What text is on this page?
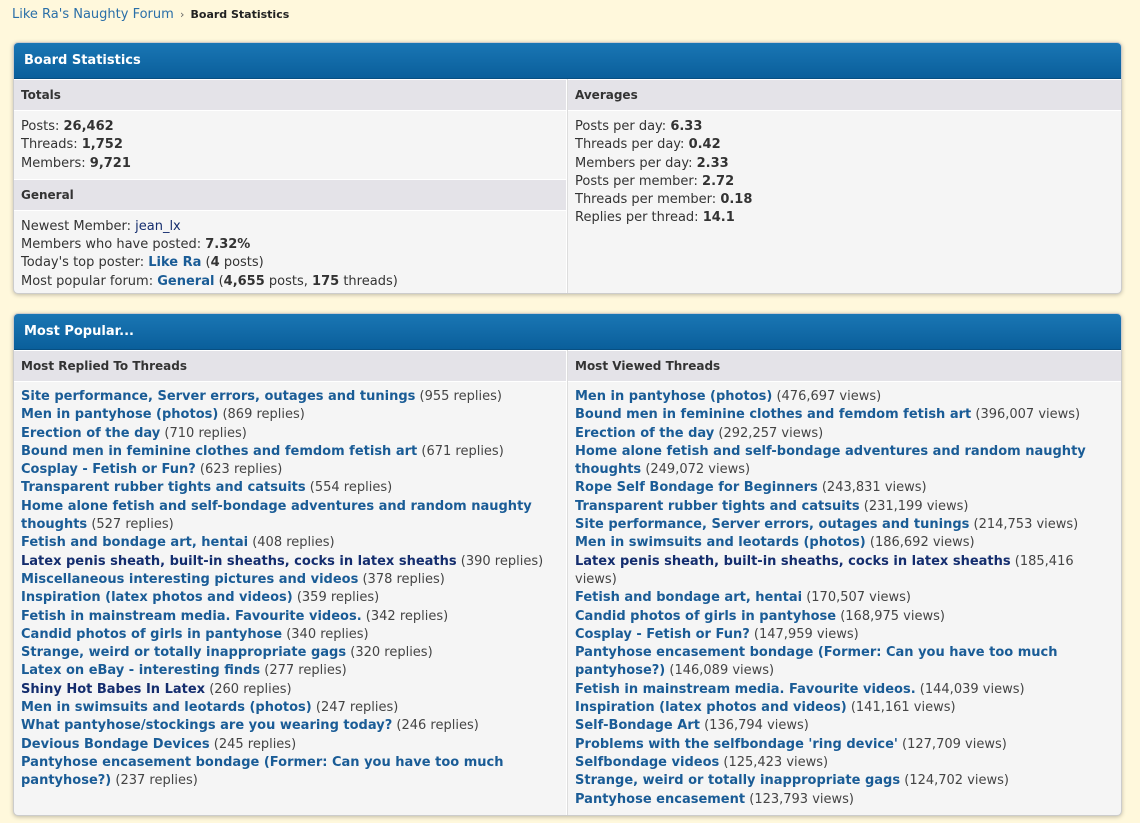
Like Ra's Naughty Forum › Board Statistics
Board Statistics
Totals
Posts: 26,462
Threads: 1,752
Members: 9,721
General
Newest Member: jean_lx
Members who have posted: 7.32%
Today's top poster: Like Ra (4 posts)
Most popular forum: General (4,655 posts, 175 threads)
Averages
Posts per day: 6.33
Threads per day: 0.42
Members per day: 2.33
Posts per member: 2.72
Threads per member: 0.18
Replies per thread: 14.1
Most Popular...
Most Replied To Threads
Site performance, Server errors, outages and tunings (955 replies)
Men in pantyhose (photos) (869 replies)
Erection of the day (710 replies)
Bound men in feminine clothes and femdom fetish art (671 replies)
Cosplay - Fetish or Fun? (623 replies)
Transparent rubber tights and catsuits (554 replies)
Home alone fetish and self-bondage adventures and random naughty thoughts (527 replies)
Fetish and bondage art, hentai (408 replies)
Latex penis sheath, built-in sheaths, cocks in latex sheaths (390 replies)
Miscellaneous interesting pictures and videos (378 replies)
Inspiration (latex photos and videos) (359 replies)
Fetish in mainstream media. Favourite videos. (342 replies)
Candid photos of girls in pantyhose (340 replies)
Strange, weird or totally inappropriate gags (320 replies)
Latex on eBay - interesting finds (277 replies)
Shiny Hot Babes In Latex (260 replies)
Men in swimsuits and leotards (photos) (247 replies)
What pantyhose/stockings are you wearing today? (246 replies)
Devious Bondage Devices (245 replies)
Pantyhose encasement bondage (Former: Can you have too much pantyhose?) (237 replies)
Most Viewed Threads
Men in pantyhose (photos) (476,697 views)
Bound men in feminine clothes and femdom fetish art (396,007 views)
Erection of the day (292,257 views)
Home alone fetish and self-bondage adventures and random naughty thoughts (249,072 views)
Rope Self Bondage for Beginners (243,831 views)
Transparent rubber tights and catsuits (231,199 views)
Site performance, Server errors, outages and tunings (214,753 views)
Men in swimsuits and leotards (photos) (186,692 views)
Latex penis sheath, built-in sheaths, cocks in latex sheaths (185,416 views)
Fetish and bondage art, hentai (170,507 views)
Candid photos of girls in pantyhose (168,975 views)
Cosplay - Fetish or Fun? (147,959 views)
Pantyhose encasement bondage (Former: Can you have too much pantyhose?) (146,089 views)
Fetish in mainstream media. Favourite videos. (144,039 views)
Inspiration (latex photos and videos) (141,161 views)
Self-Bondage Art (136,794 views)
Problems with the selfbondage 'ring device' (127,709 views)
Selfbondage videos (125,423 views)
Strange, weird or totally inappropriate gags (124,702 views)
Pantyhose encasement (123,793 views)
